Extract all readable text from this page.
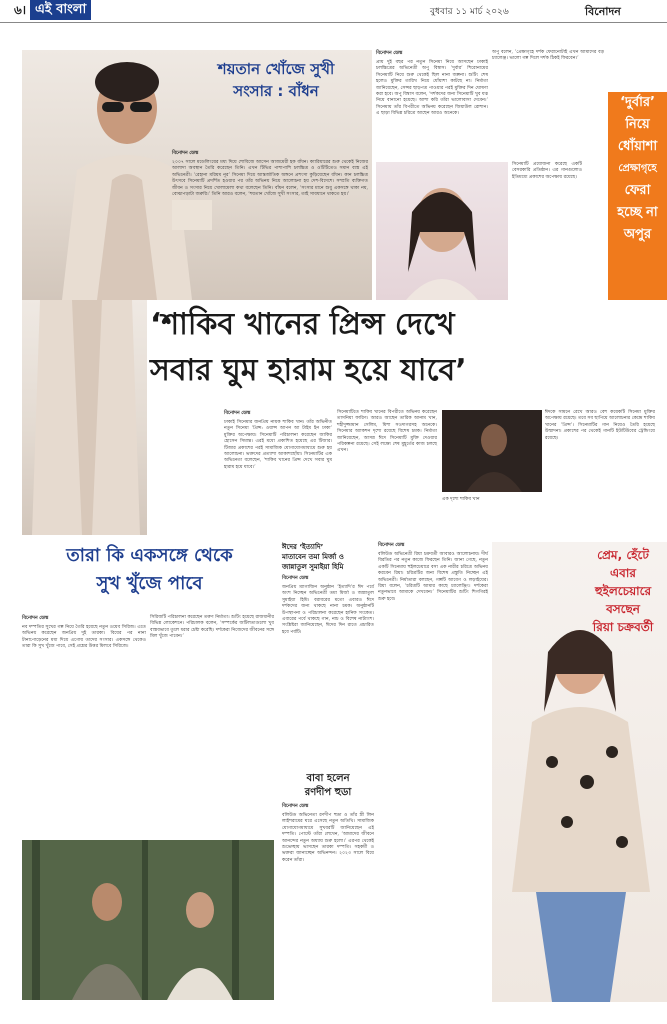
৬। এই বাংলা	বুধবার ১১ মার্চ ২০২৬	বিনোদন
শয়তান খোঁজে সুখী
সংসার : বাঁধন
বিনোদন ডেস্ক
২০০৭ সালে মডেলিংয়ের মধ্য দিয়ে শোবিজে আসেন আজমেরী হক বাঁধন। ক্যারিয়ারের শুরু থেকেই নিজের আলাদা অবস্থান তৈরি করেছেন তিনি। এখন টিভির পাশাপাশি চলচ্চিত্র ও ওটিটিতেও সমান ব্যস্ত এই অভিনেত্রী। ‘রেহানা মরিয়ম নূর’ সিনেমা দিয়ে আন্তর্জাতিক অঙ্গনে প্রশংসা কুড়িয়েছেন বাঁধন। কান চলচ্চিত্র উৎসবে সিনেমাটি প্রদর্শিত হওয়ার পর তাঁর অভিনয় নিয়ে আলোচনা হয় দেশ-বিদেশে। সম্প্রতি ব্যক্তিগত জীবন ও সংসার নিয়ে খোলামেলা কথা বলেছেন তিনি। বাঁধন বলেন, ‘সংসার মানে শুধু একসঙ্গে থাকা নয়, বোঝাপড়াটা জরুরি।’ তিনি আরও বলেন, ‘শয়তান খোঁজে সুখী সংসার, তাই সাবধানে থাকতে হয়।’
বিনোদন ডেস্ক
প্রায় দুই বছর পর নতুন সিনেমা নিয়ে আসছেন ঢাকাই চলচ্চিত্রের অভিনেত্রী অপু বিশ্বাস। ‘দুর্বার’ শিরোনামের সিনেমাটি নিয়ে শুরু থেকেই ছিল নানা জল্পনা। শুটিং শেষ হলেও মুক্তির তারিখ নিয়ে ধোঁয়াশা কাটছে না। নির্মাতা জানিয়েছেন, সেন্সর ছাড়পত্র পাওয়ার পরই মুক্তির দিন ঘোষণা করা হবে। অপু বিশ্বাস বলেন, ‘দর্শকদের জন্য সিনেমাটি খুব যত্ন নিয়ে বানানো হয়েছে। আশা করি তাঁরা ভালোবাসা দেবেন।’ সিনেমায় তাঁর বিপরীতে অভিনয় করেছেন জিয়াউল রোশান। এ ছাড়া বিভিন্ন চরিত্রে আছেন আরও অনেকে।
অপু বলেন, ‘প্রেক্ষাগৃহে দর্শক ফেরানোটাই এখন আমাদের বড় চ্যালেঞ্জ। ভালো গল্প দিলে দর্শক ঠিকই ফিরবেন।’
সিনেমাটি প্রযোজনা করেছে একটি বেসরকারি প্রতিষ্ঠান। এর গানগুলোও ইতিমধ্যে প্রকাশের অপেক্ষায় রয়েছে।
‘দুর্বার’
নিয়ে
ধোঁয়াশা
প্রেক্ষাগৃহে
ফেরা
হচ্ছে না
অপুর
‘শাকিব খানের প্রিন্স দেখে
সবার ঘুম হারাম হয়ে যাবে’
বিনোদন ডেস্ক
ঢাকাই সিনেমার জনপ্রিয় নায়ক শাকিব খান। তাঁর অভিনীত নতুন সিনেমা ‘প্রিন্স: ওয়ান্স আপন আ টাইম ইন ঢাকা’ মুক্তির অপেক্ষায়। সিনেমাটি পরিচালনা করেছেন জাকির হোসেন সিমান্ত। এরই মধ্যে প্রকাশিত হয়েছে এর টিজার। টিজার প্রকাশের পরই সামাজিক যোগাযোগমাধ্যমে শুরু হয় আলোচনা। ভক্তদের প্রত্যাশা আকাশছোঁয়া। সিনেমাটির এক অভিনেতা বলেছেন, ‘শাকিব খানের প্রিন্স দেখে সবার ঘুম হারাম হয়ে যাবে।’
সিনেমাটিতে শাকিব খানের বিপরীতে অভিনয় করেছেন তাসনিয়া ফারিণ। আরও আছেন তারিক আনাম খান, শহীদুজ্জামান সেলিম, মিশা সওদাগরসহ অনেকে। সিনেমার অ্যাকশন দৃশ্যে রয়েছে বিশেষ চমক। নির্মাতা জানিয়েছেন, আসন্ন ঈদে সিনেমাটি মুক্তি দেওয়ার পরিকল্পনা রয়েছে। সেই লক্ষ্যে শেষ মুহূর্তের কাজ চলছে এখন।
এক দৃশ্যে শাকিব খান
ঈদকে সামনে রেখে আরও বেশ কয়েকটি সিনেমা মুক্তির অপেক্ষায় রয়েছে। তবে সব ছাপিয়ে আলোচনার কেন্দ্রে শাকিব খানের ‘প্রিন্স’। সিনেমাটির গান নিয়েও তৈরি হয়েছে উন্মাদনা। প্রকাশের পর থেকেই গানটি ইউটিউবের ট্রেন্ডিংয়ে রয়েছে।
তারা কি একসঙ্গে থেকে
সুখ খুঁজে পাবে
বিনোদন ডেস্ক
নব দম্পতির সুখের গল্প নিয়ে তৈরি হয়েছে নতুন ওয়েব সিরিজ। এতে অভিনয় করেছেন জনপ্রিয় দুই তারকা। বিয়ের পর নানা টানাপোড়েনের মধ্য দিয়ে এগোয় তাদের সংসার। একসঙ্গে থেকেও তারা কি সুখ খুঁজে পাবে, সেই প্রশ্নের উত্তর মিলবে সিরিজে।
সিরিজটি পরিচালনা করেছেন তরুণ নির্মাতা। শুটিং হয়েছে রাজধানীর বিভিন্ন লোকেশনে। পরিচালক বলেন, ‘সম্পর্কের জটিলতাগুলো খুব বাস্তবভাবে তুলে ধরার চেষ্টা করেছি। দর্শকেরা নিজেদের জীবনের সঙ্গে মিল খুঁজে পাবেন।’
ঈদের ‘ইত্যাদি’
মাতাবেন তমা মির্জা ও
জান্নাতুল সুমাইয়া হিমি
বিনোদন ডেস্ক
জনপ্রিয় ম্যাগাজিন অনুষ্ঠান ‘ইত্যাদি’র ঈদ পর্বে অংশ নিচ্ছেন অভিনেত্রী তমা মির্জা ও জান্নাতুল সুমাইয়া হিমি। বরাবরের মতো এবারও ঈদে দর্শকদের জন্য থাকছে নানা চমক। অনুষ্ঠানটি উপস্থাপনা ও পরিচালনা করেছেন হানিফ সংকেত। এবারের পর্বে থাকছে গান, নাচ ও বিশেষ নাট্যাংশ। সংশ্লিষ্টরা জানিয়েছেন, ঈদের দিন রাতে প্রচারিত হবে পর্বটি।
বাবা হলেন
রণদীপ হুডা
বিনোদন ডেস্ক
বলিউড অভিনেতা রণদীপ হুডা ও তাঁর স্ত্রী লিন লাইশরামের ঘরে এসেছে নতুন অতিথি। সামাজিক যোগাযোগমাধ্যমে সুখবরটি জানিয়েছেন এই দম্পতি। পোস্টে তাঁরা লেখেন, ‘আমাদের জীবনে আনন্দের নতুন অধ্যায় শুরু হলো।’ এরপর থেকেই শুভেচ্ছায় ভাসছেন তারকা দম্পতি। সহকর্মী ও ভক্তরা জানাচ্ছেন অভিনন্দন। ২০২৩ সালে বিয়ে করেন তাঁরা।
বিনোদন ডেস্ক
বলিউড অভিনেত্রী রিয়া চক্রবর্তী আবারও আলোচনায়। দীর্ঘ বিরতির পর নতুন কাজে ফিরছেন তিনি। জানা গেছে, নতুন একটি সিনেমায় হুইলচেয়ারে বসা এক নারীর চরিত্রে অভিনয় করবেন রিয়া। চরিত্রটির জন্য বিশেষ প্রস্তুতি নিচ্ছেন এই অভিনেত্রী। নির্মাতারা বলছেন, গল্পটি আবেগ ও লড়াইয়ের। রিয়া বলেন, ‘চরিত্রটি আমার কাছে চ্যালেঞ্জিং। দর্শকেরা নতুনভাবে আমাকে দেখবেন।’ সিনেমাটির শুটিং শিগগিরই শুরু হবে।
প্রেম, হেঁটে এবার
হুইলচেয়ারে বসছেন
রিয়া চক্রবর্তী
